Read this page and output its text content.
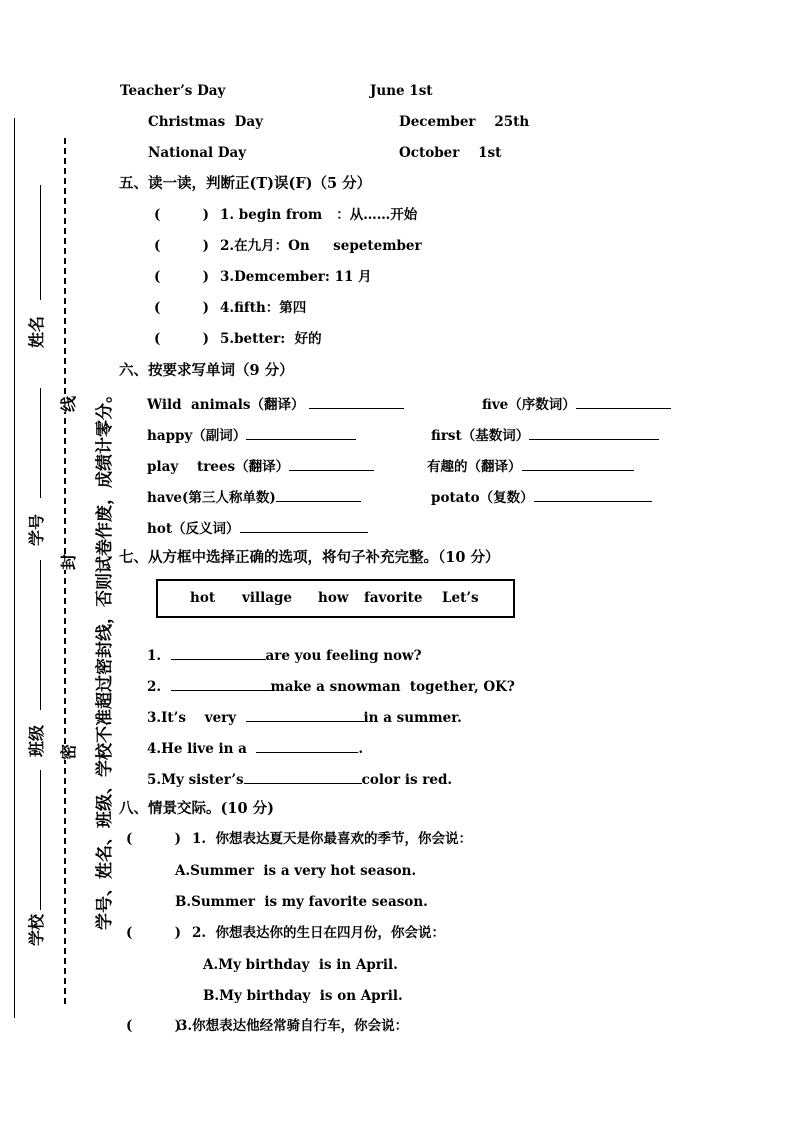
姓名
学号
班级
学校
线
封
密 学号、姓名、班级、学校不准超过密封线，否则试卷作废，成绩计零分。
Teacher’s Day	June 1st
Christmas  Day	December    25th
National Day	October    1st
五、读一读，判断正(T)误(F)（5 分）
(         ) 1. begin from   ：从……开始
(         ) 2.在九月：On     sepetember
(         ) 3.Demcember: 11 月
(         ) 4.fifth：第四
(         ) 5.better:  好的
六、按要求写单词（9 分）
Wild  animals（翻译）	five（序数词）
happy（副词）	first（基数词）
play    trees（翻译）	有趣的（翻译）
have(第三人称单数)	potato（复数）
hot（反义词）
七、从方框中选择正确的选项，将句子补充完整。（10 分）
hot village how favorite Let’s
1.	are you feeling now?
2.	make a snowman  together, OK?
3.It’s    very	in a summer.
4.He live in a	.
5.My sister’s	color is red.
八、情景交际。(10 分)
(         ) 1.  你想表达夏天是你最喜欢的季节，你会说：
A.Summer  is a very hot season.
B.Summer  is my favorite season.
(         ) 2.  你想表达你的生日在四月份，你会说：
A.My birthday  is in April.
B.My birthday  is on April.
(         )
3.你想表达他经常骑自行车，你会说：
